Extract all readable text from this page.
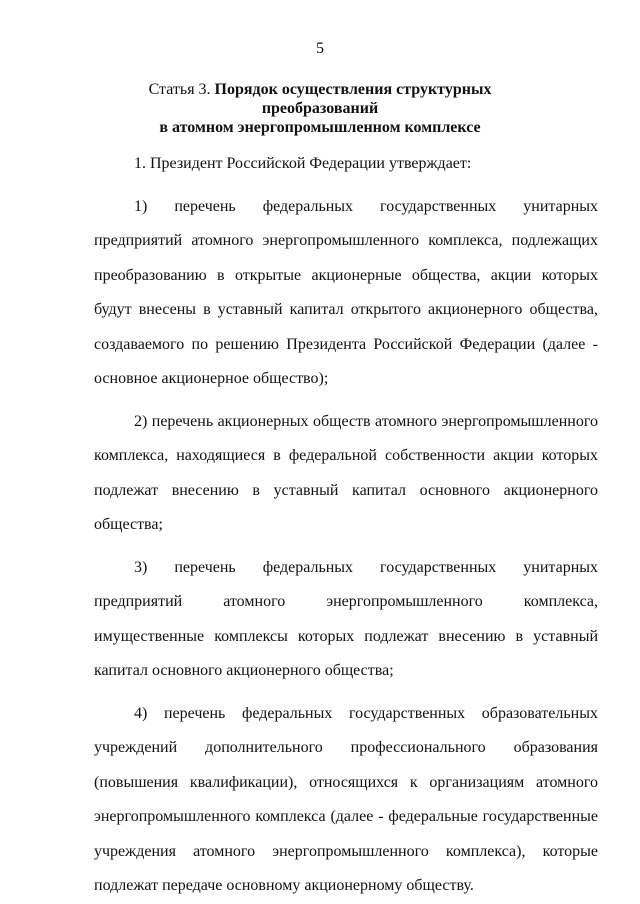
5
Статья 3. Порядок осуществления структурных преобразований
в атомном энергопромышленном комплексе

1. Президент Российской Федерации утверждает:

1) перечень федеральных государственных унитарных предприятий атомного энергопромышленного комплекса, подлежащих преобразованию в открытые акционерные общества, акции которых будут внесены в уставный капитал открытого акционерного общества, создаваемого по решению Президента Российской Федерации (далее - основное акционерное общество);

2) перечень акционерных обществ атомного энергопромышленного комплекса, находящиеся в федеральной собственности акции которых подлежат внесению в уставный капитал основного акционерного общества;

3) перечень федеральных государственных унитарных предприятий атомного энергопромышленного комплекса, имущественные комплексы которых подлежат внесению в уставный капитал основного акционерного общества;

4) перечень федеральных государственных образовательных учреждений дополнительного профессионального образования (повышения квалификации), относящихся к организациям атомного энергопромышленного комплекса (далее - федеральные государственные учреждения атомного энергопромышленного комплекса), которые подлежат передаче основному акционерному обществу.
